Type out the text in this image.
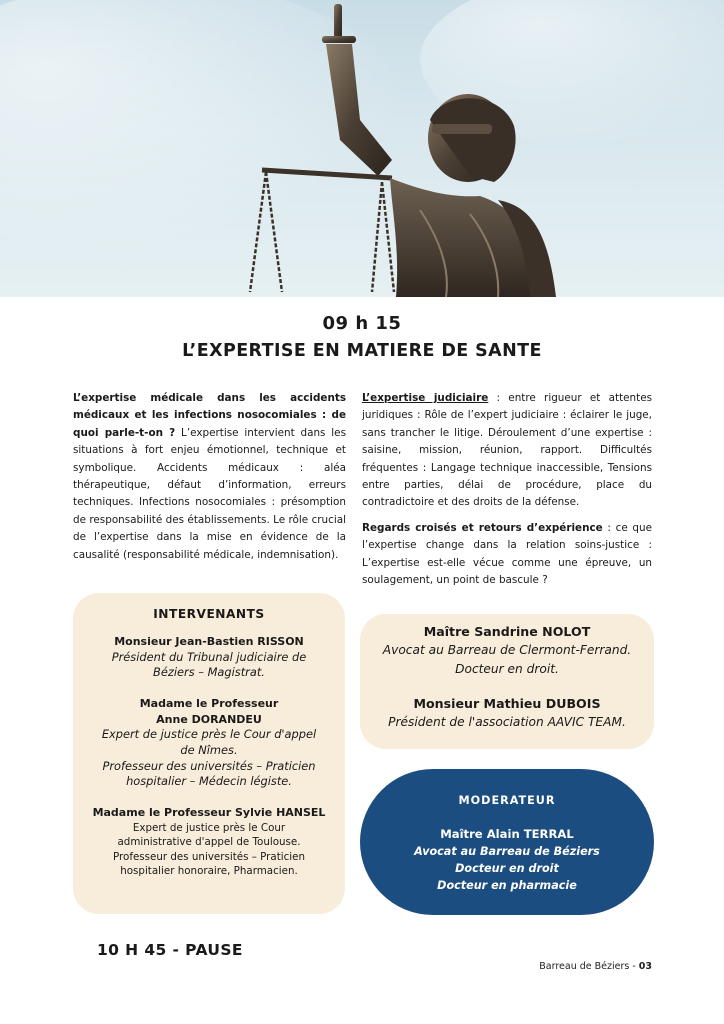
09 h 15
L’EXPERTISE EN MATIERE DE SANTE

L’expertise médicale dans les accidents médicaux et les infections nosocomiales : de quoi parle-t-on ? L’expertise intervient dans les situations à fort enjeu émotionnel, technique et symbolique. Accidents médicaux : aléa thérapeutique, défaut d’information, erreurs techniques. Infections nosocomiales : présomption de responsabilité des établissements. Le rôle crucial de l’expertise dans la mise en évidence de la causalité (responsabilité médicale, indemnisation).

L’expertise judiciaire : entre rigueur et attentes juridiques : Rôle de l’expert judiciaire : éclairer le juge, sans trancher le litige. Déroulement d’une expertise : saisine, mission, réunion, rapport. Difficultés fréquentes : Langage technique inaccessible, Tensions entre parties, délai de procédure, place du contradictoire et des droits de la défense.

Regards croisés et retours d’expérience : ce que l’expertise change dans la relation soins-justice : L’expertise est-elle vécue comme une épreuve, un soulagement, un point de bascule ?

INTERVENANTS
Monsieur Jean-Bastien RISSON
Président du Tribunal judiciaire de
Béziers – Magistrat.
Madame le Professeur
Anne DORANDEU
Expert de justice près le Cour d'appel
de Nîmes.
Professeur des universités – Praticien
hospitalier – Médecin légiste.
Madame le Professeur Sylvie HANSEL
Expert de justice près le Cour
administrative d'appel de Toulouse.
Professeur des universités – Praticien
hospitalier honoraire, Pharmacien.
Maître Sandrine NOLOT
Avocat au Barreau de Clermont-Ferrand.
Docteur en droit.
Monsieur Mathieu DUBOIS
Président de l'association AAVIC TEAM.
MODERATEUR
Maître Alain TERRAL
Avocat au Barreau de Béziers
Docteur en droit
Docteur en pharmacie
10 H 45 - PAUSE
Barreau de Béziers - 03
